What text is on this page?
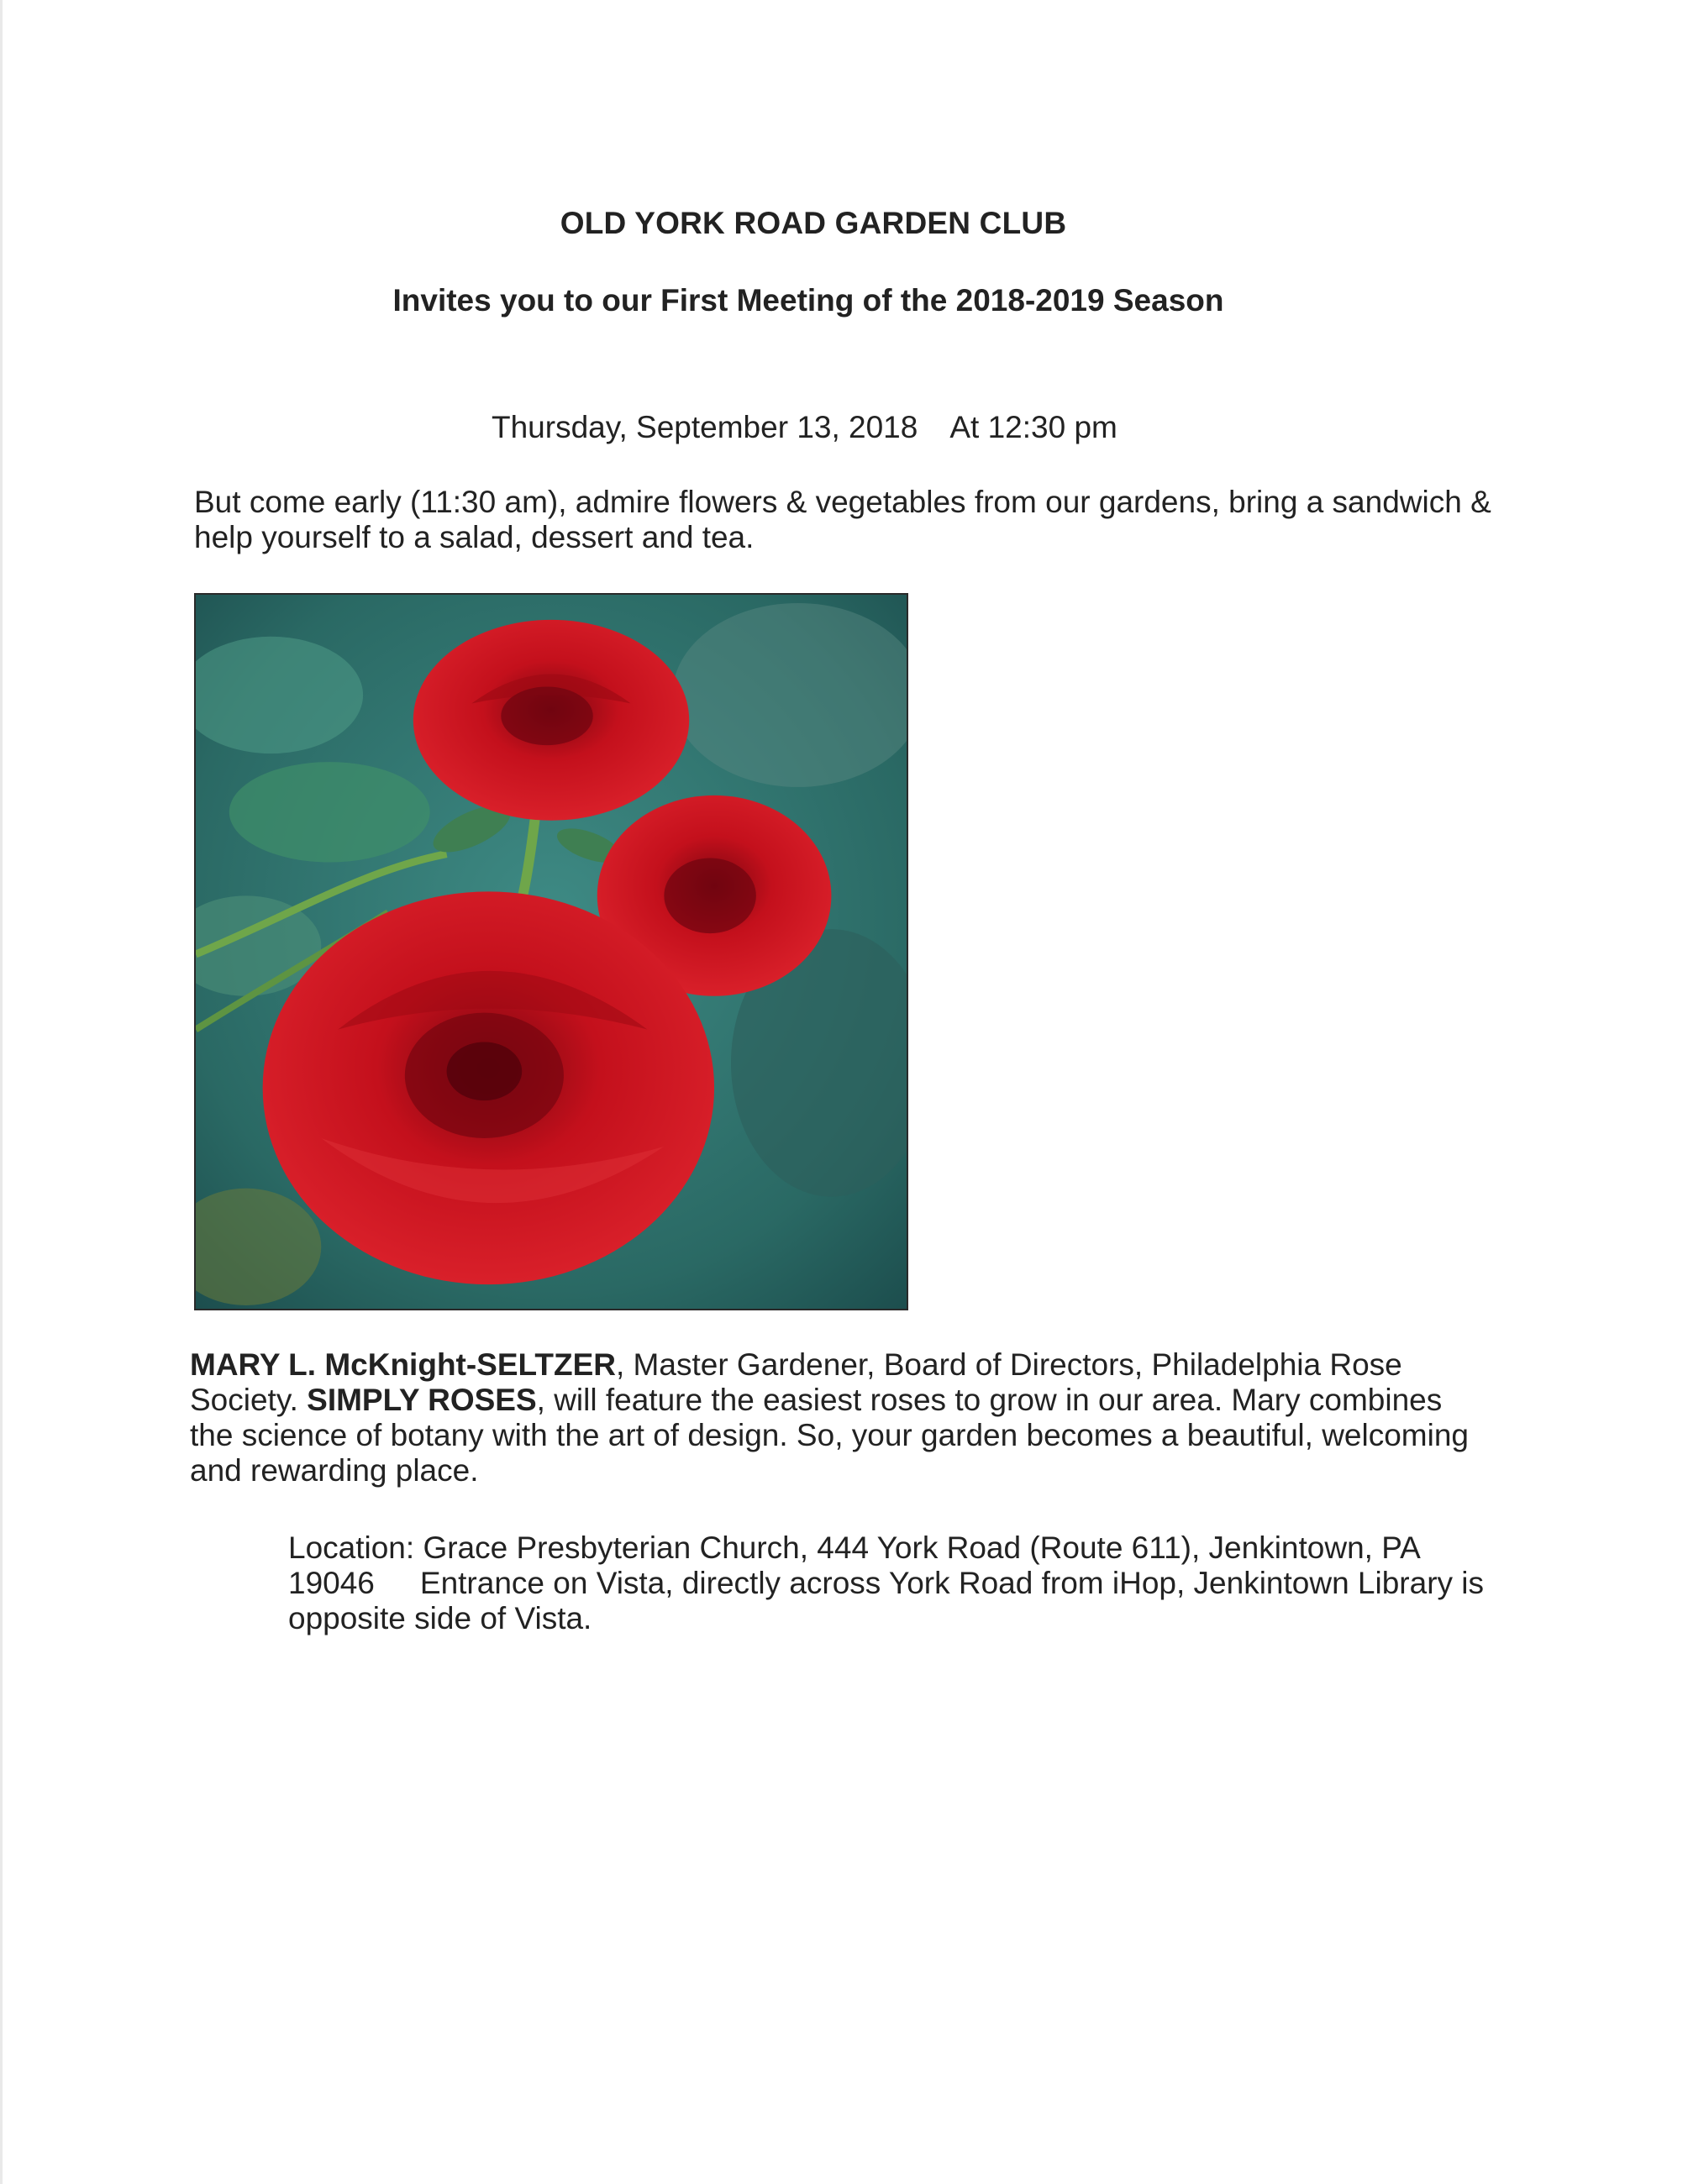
OLD YORK ROAD GARDEN CLUB
Invites you to our First Meeting of the 2018-2019 Season
Thursday, September 13, 2018 At 12:30 pm

But come early (11:30 am), admire flowers & vegetables from our gardens, bring a sandwich & help yourself to a salad, dessert and tea.

MARY L. McKnight-SELTZER, Master Gardener, Board of Directors, Philadelphia Rose Society. SIMPLY ROSES, will feature the easiest roses to grow in our area. Mary combines the science of botany with the art of design. So, your garden becomes a beautiful, welcoming and rewarding place.

Location: Grace Presbyterian Church, 444 York Road (Route 611), Jenkintown, PA 19046 Entrance on Vista, directly across York Road from iHop, Jenkintown Library is opposite side of Vista.
